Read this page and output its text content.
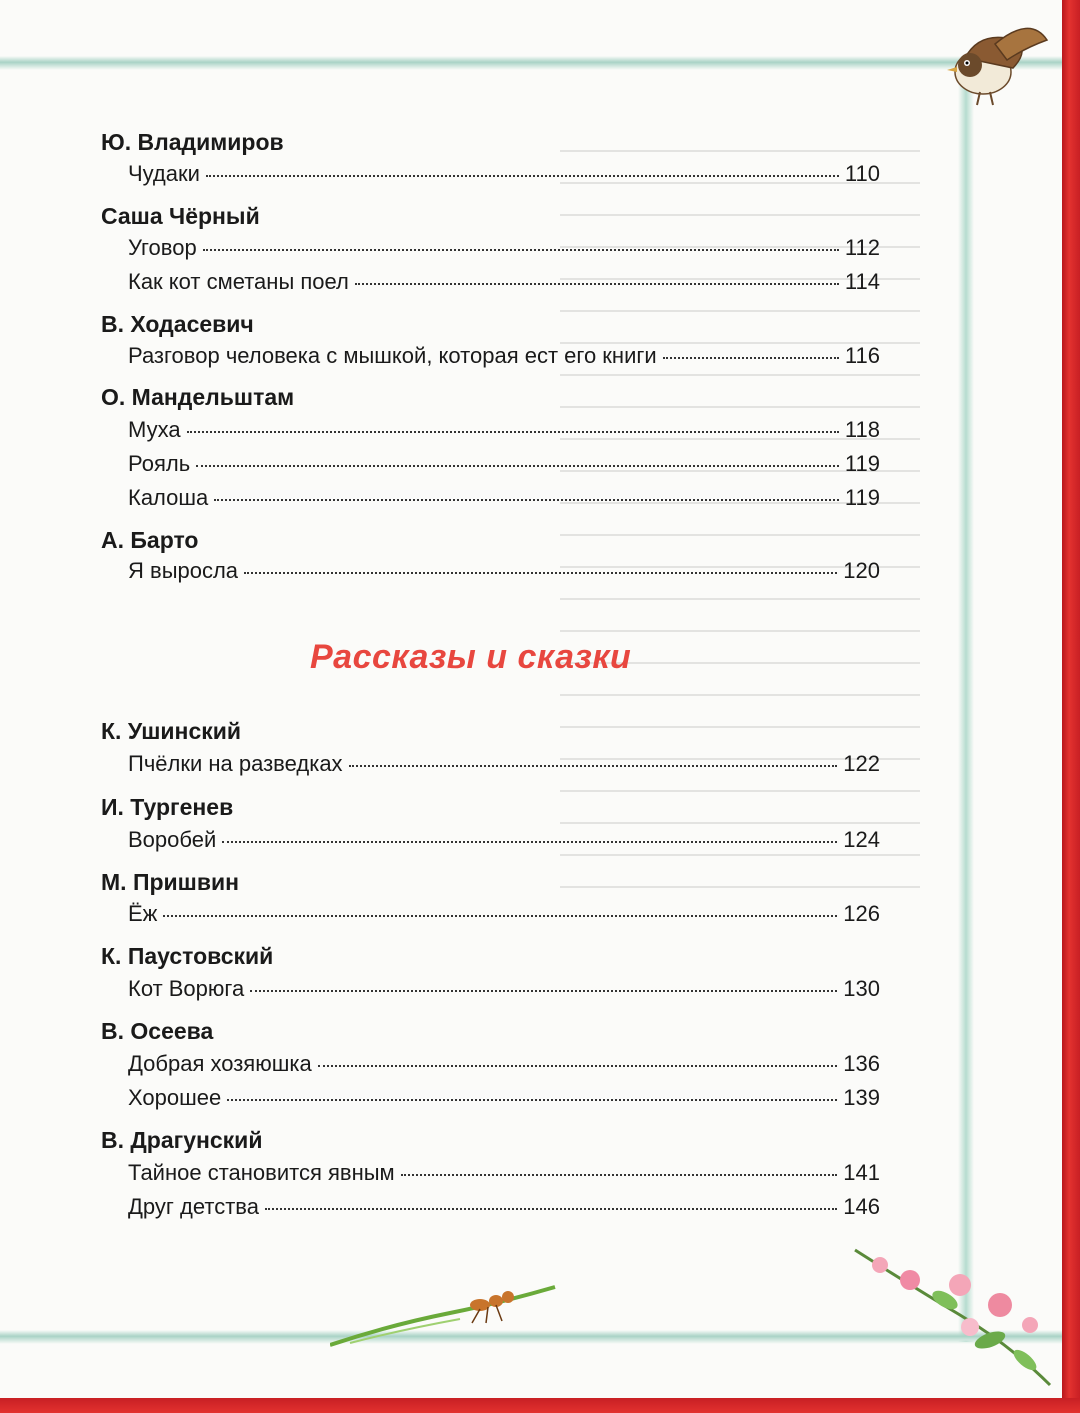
Ю. Владимиров
Чудаки	110
Саша Чёрный
Уговор	112
Как кот сметаны поел	114
В. Ходасевич
Разговор человека с мышкой, которая ест его книги	116
О. Мандельштам
Муха	118
Рояль	119
Калоша	119
А. Барто
Я выросла	120
Рассказы и сказки
К. Ушинский
Пчёлки на разведках	122
И. Тургенев
Воробей	124
М. Пришвин
Ёж	126
К. Паустовский
Кот Ворюга	130
В. Осеева
Добрая хозяюшка	136
Хорошее	139
В. Драгунский
Тайное становится явным	141
Друг детства	146
